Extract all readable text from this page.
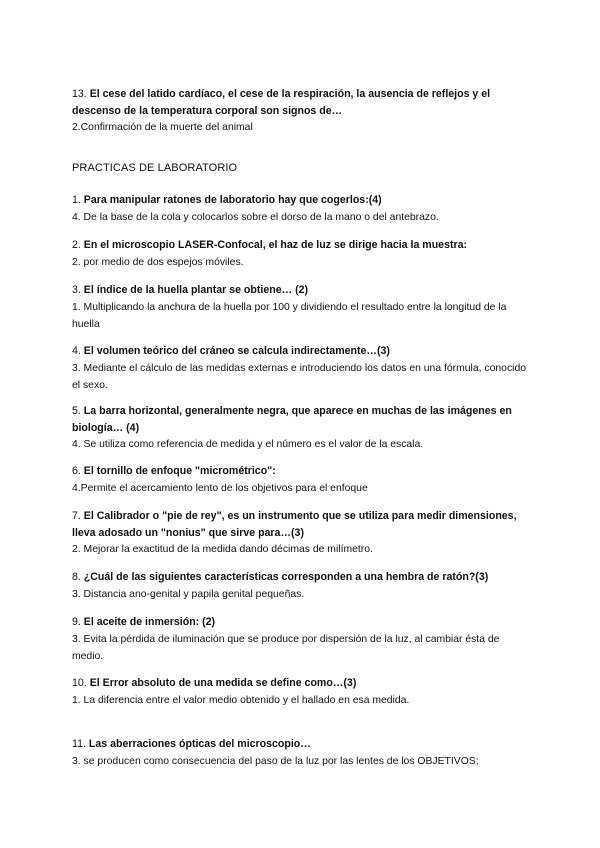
13. El cese del latido cardíaco, el cese de la respiración, la ausencia de reflejos y el descenso de la temperatura corporal son signos de…

2.Confirmación de la muerte del animal

PRACTICAS DE LABORATORIO

1. Para manipular ratones de laboratorio hay que cogerlos:(4)

4. De la base de la cola y colocarlos sobre el dorso de la mano o del antebrazo.

2. En el microscopio LASER-Confocal, el haz de luz se dirige hacia la muestra:

2. por medio de dos espejos móviles.

3. El índice de la huella plantar se obtiene… (2)

1. Multiplicando la anchura de la huella por 100 y dividiendo el resultado entre la longitud de la huella

4. El volumen teórico del cráneo se calcula indirectamente…(3)

3. Mediante el cálculo de las medidas externas e introduciendo los datos en una fórmula, conocido el sexo.

5. La barra horizontal, generalmente negra, que aparece en muchas de las imágenes en biología… (4)

4. Se utiliza como referencia de medida y el número es el valor de la escala.

6. El tornillo de enfoque "micrométrico":

4.Permite el acercamiento lento de los objetivos para el enfoque

7. El Calibrador o "pie de rey", es un instrumento que se utiliza para medir dimensiones, lleva adosado un "nonius" que sirve para…(3)

2. Mejorar la exactitud de la medida dando décimas de milímetro.

8. ¿Cuál de las siguientes características corresponden a una hembra de ratón?(3)

3. Distancia ano-genital y papila genital pequeñas.

9. El aceite de inmersión: (2)

3. Evita la pérdida de iluminación que se produce por dispersión de la luz, al cambiar ésta de medio.

10. El Error absoluto de una medida se define como…(3)

1. La diferencia entre el valor medio obtenido y el hallado en esa medida.

11. Las aberraciones ópticas del microscopio…

3. se producen como consecuencia del paso de la luz por las lentes de los OBJETIVOS;
